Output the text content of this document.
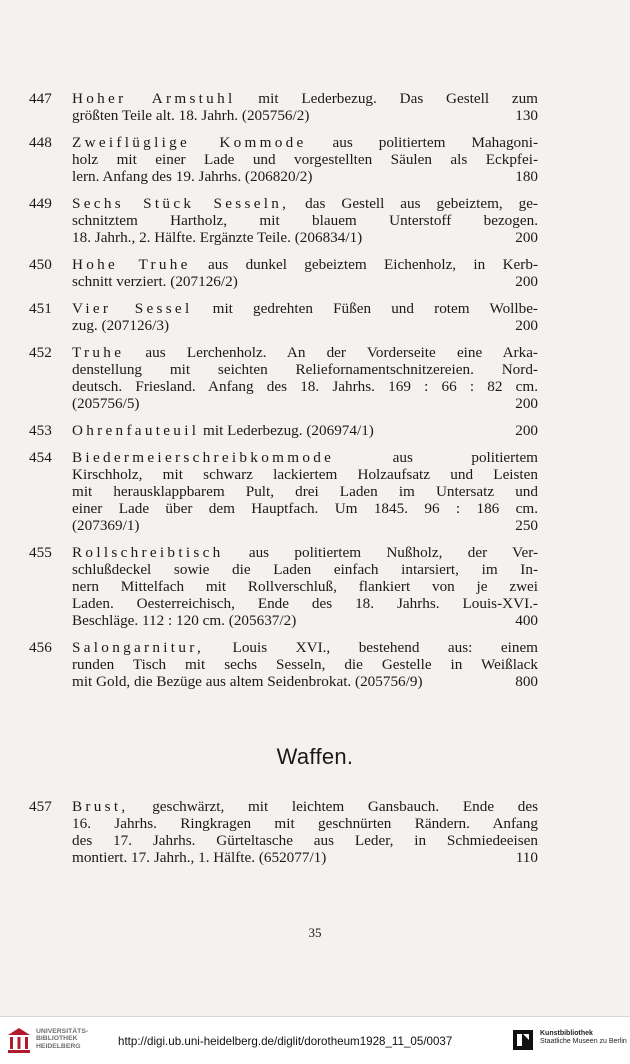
447	Hoher Armstuhl mit Lederbezug. Das Gestell zum
größten Teile alt. 18. Jahrh. (205756/2)	130
448	Zweiflüglige Kommode aus politiertem Mahagoni-
holz mit einer Lade und vorgestellten Säulen als Eckpfei-
lern. Anfang des 19. Jahrhs. (206820/2)	180
449	Sechs Stück Sesseln, das Gestell aus gebeiztem, ge-
schnitztem Hartholz, mit blauem Unterstoff bezogen.
18. Jahrh., 2. Hälfte. Ergänzte Teile. (206834/1)	200
450	Hohe Truhe aus dunkel gebeiztem Eichenholz, in Kerb-
schnitt verziert. (207126/2)	200
451	Vier Sessel mit gedrehten Füßen und rotem Wollbe-
zug. (207126/3)	200
452	Truhe aus Lerchenholz. An der Vorderseite eine Arka-
denstellung mit seichten Reliefornamentschnitzereien. Nord-
deutsch. Friesland. Anfang des 18. Jahrhs. 169 : 66 : 82 cm.
(205756/5)	200
453	Ohrenfauteuil mit Lederbezug. (206974/1)	200
454	Biedermeierschreibkommode aus politiertem
Kirschholz, mit schwarz lackiertem Holzaufsatz und Leisten
mit herausklappbarem Pult, drei Laden im Untersatz und
einer Lade über dem Hauptfach. Um 1845. 96 : 186 cm.
(207369/1)	250
455	Rollschreibtisch aus politiertem Nußholz, der Ver-
schlußdeckel sowie die Laden einfach intarsiert, im In-
nern Mittelfach mit Rollverschluß, flankiert von je zwei
Laden. Oesterreichisch, Ende des 18. Jahrhs. Louis-XVI.-
Beschläge. 112 : 120 cm. (205637/2)	400
456	Salongarnitur, Louis XVI., bestehend aus: einem
runden Tisch mit sechs Sesseln, die Gestelle in Weißlack
mit Gold, die Bezüge aus altem Seidenbrokat. (205756/9)	800
Waffen.
457	Brust, geschwärzt, mit leichtem Gansbauch. Ende des
16. Jahrhs. Ringkragen mit geschnürten Rändern. Anfang
des 17. Jahrhs. Gürteltasche aus Leder, in Schmiedeeisen
montiert. 17. Jahrh., 1. Hälfte. (652077/1)	110
35
UNIVERSITÄTS-
BIBLIOTHEK
HEIDELBERG	http://digi.ub.uni-heidelberg.de/diglit/dorotheum1928_11_05/0037
Kunstbibliothek
Staatliche Museen zu Berlin
